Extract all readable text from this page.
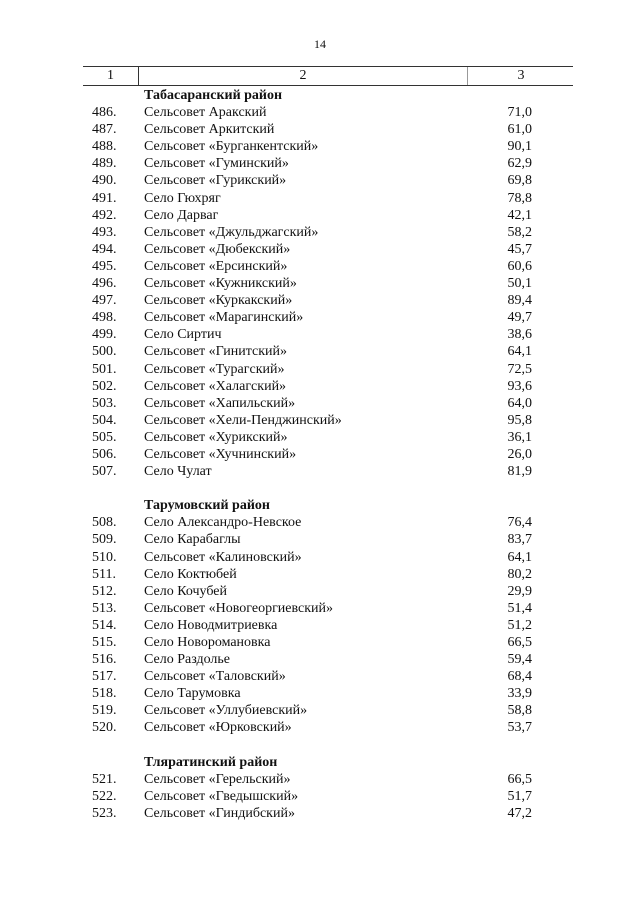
14
1	2	3
Табасаранский район
486. Сельсовет Аракский	71,0
487. Сельсовет Аркитский	61,0
488. Сельсовет «Бурганкентский»	90,1
489. Сельсовет «Гуминский»	62,9
490. Сельсовет «Гурикский»	69,8
491. Село Гюхряг	78,8
492. Село Дарваг	42,1
493. Сельсовет «Джульджагский»	58,2
494. Сельсовет «Дюбекский»	45,7
495. Сельсовет «Ерсинский»	60,6
496. Сельсовет «Кужникский»	50,1
497. Сельсовет «Куркакский»	89,4
498. Сельсовет «Марагинский»	49,7
499. Село Сиртич	38,6
500. Сельсовет «Гинитский»	64,1
501. Сельсовет «Турагский»	72,5
502. Сельсовет «Халагский»	93,6
503. Сельсовет «Хапильский»	64,0
504. Сельсовет «Хели-Пенджинский»	95,8
505. Сельсовет «Хурикский»	36,1
506. Сельсовет «Хучнинский»	26,0
507. Село Чулат	81,9
Тарумовский район
508. Село Александро-Невское	76,4
509. Село Карабаглы	83,7
510. Сельсовет «Калиновский»	64,1
511. Село Коктюбей	80,2
512. Село Кочубей	29,9
513. Сельсовет «Новогеоргиевский»	51,4
514. Село Новодмитриевка	51,2
515. Село Новоромановка	66,5
516. Село Раздолье	59,4
517. Сельсовет «Таловский»	68,4
518. Село Тарумовка	33,9
519. Сельсовет «Уллубиевский»	58,8
520. Сельсовет «Юрковский»	53,7
Тляратинский район
521. Сельсовет «Герельский»	66,5
522. Сельсовет «Гведышский»	51,7
523. Сельсовет «Гиндибский»	47,2
